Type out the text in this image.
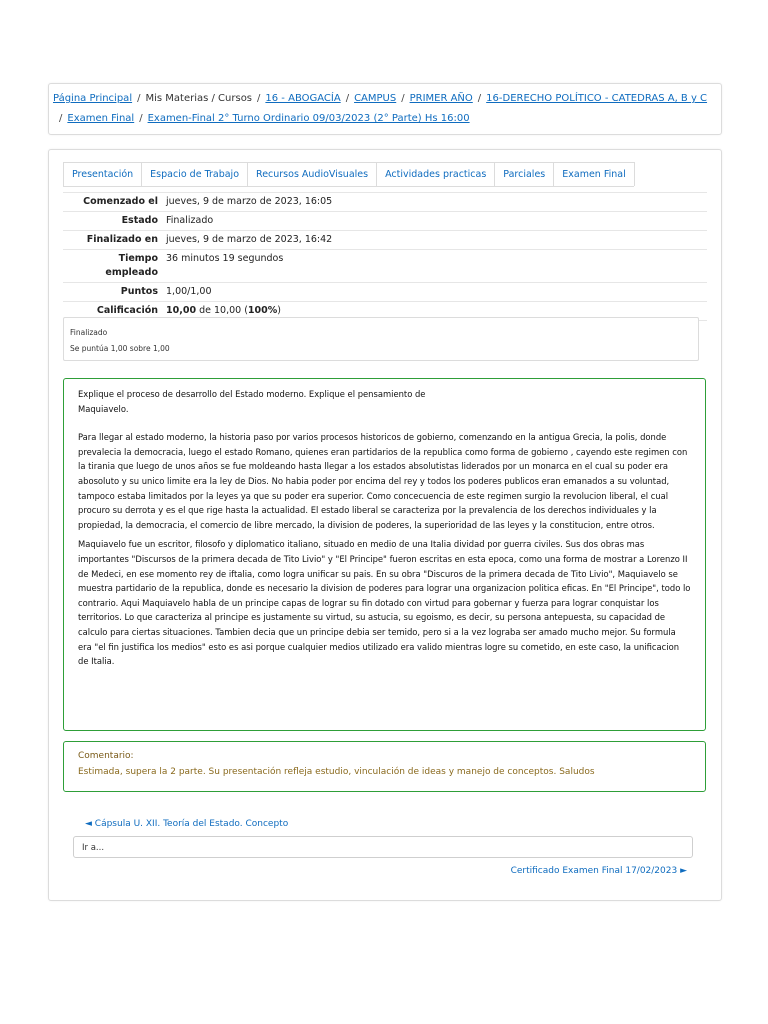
Página Principal / Mis Materias / Cursos / 16 - ABOGACÍA / CAMPUS / PRIMER AÑO / 16-DERECHO POLÍTICO - CATEDRAS A, B y C
/ Examen Final / Examen-Final 2° Turno Ordinario 09/03/2023 (2° Parte) Hs 16:00
Presentación	Espacio de Trabajo	Recursos AudioVisuales	Actividades practicas	Parciales	Examen Final
Comenzado el	jueves, 9 de marzo de 2023, 16:05
Estado	Finalizado
Finalizado en	jueves, 9 de marzo de 2023, 16:42
Tiempo empleado	36 minutos 19 segundos
Puntos	1,00/1,00
Calificación	10,00 de 10,00 (100%)
Finalizado
Se puntúa 1,00 sobre 1,00

Explique el proceso de desarrollo del Estado moderno. Explique el pensamiento de

Maquiavelo.

Para llegar al estado moderno, la historia paso por varios procesos historicos de gobierno, comenzando en la antigua Grecia, la polis, donde prevalecia la democracia, luego el estado Romano, quienes eran partidarios de la republica como forma de gobierno , cayendo este regimen con la tirania que luego de unos años se fue moldeando hasta llegar a los estados absolutistas liderados por un monarca en el cual su poder era abosoluto y su unico limite era la ley de Dios. No habia poder por encima del rey y todos los poderes publicos eran emanados a su voluntad, tampoco estaba limitados por la leyes ya que su poder era superior. Como concecuencia de este regimen surgio la revolucion liberal, el cual procuro su derrota y es el que rige hasta la actualidad. El estado liberal se caracteriza por la prevalencia de los derechos individuales y la propiedad, la democracia, el comercio de libre mercado, la division de poderes, la superioridad de las leyes y la constitucion, entre otros.

Maquiavelo fue un escritor, filosofo y diplomatico italiano, situado en medio de una Italia dividad por guerra civiles. Sus dos obras mas importantes "Discursos de la primera decada de Tito Livio" y "El Principe" fueron escritas en esta epoca, como una forma de mostrar a Lorenzo II de Medeci, en ese momento rey de iftalia, como logra unificar su pais. En su obra "Discuros de la primera decada de Tito Livio", Maquiavelo se muestra partidario de la republica, donde es necesario la division de poderes para lograr una organizacion politica eficas. En "El Principe", todo lo contrario. Aqui Maquiavelo habla de un principe capas de lograr su fin dotado con virtud para gobernar y fuerza para lograr conquistar los territorios. Lo que caracteriza al principe es justamente su virtud, su astucia, su egoismo, es decir, su persona antepuesta, su capacidad de calculo para ciertas situaciones. Tambien decia que un principe debia ser temido, pero si a la vez lograba ser amado mucho mejor. Su formula era "el fin justifica los medios" esto es asi porque cualquier medios utilizado era valido mientras logre su cometido, en este caso, la unificacion de Italia.

Comentario:
Estimada, supera la 2 parte. Su presentación refleja estudio, vinculación de ideas y manejo de conceptos. Saludos
◄ Cápsula U. XII. Teoría del Estado. Concepto
Ir a...
Certificado Examen Final 17/02/2023 ►
